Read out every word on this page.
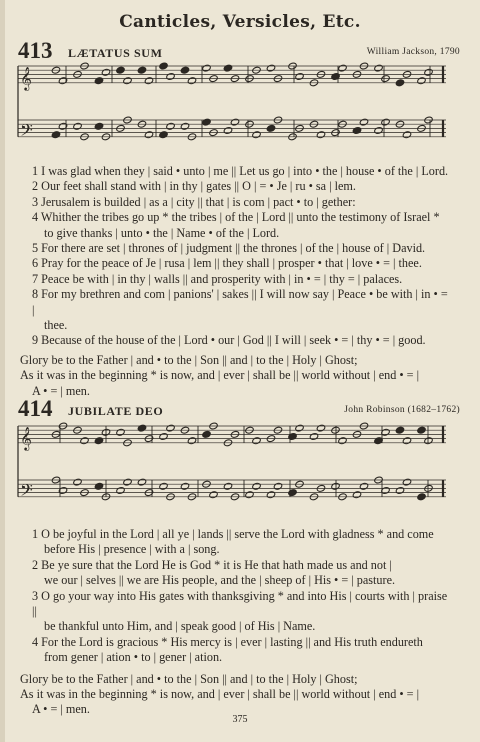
Canticles, Versicles, Etc.
413 LÆTATUS SUM	William Jackson, 1790
𝄞
𝄢
1 I was glad when they | said • unto | me || Let us go | into • the | house • of the | Lord.
2 Our feet shall stand with | in thy | gates || O | = • Je | ru • sa | lem.
3 Jerusalem is builded | as a | city || that | is com | pact • to | gether:
4 Whither the tribes go up * the tribes | of the | Lord || unto the testimony of Israel *
to give thanks | unto • the | Name • of the | Lord.
5 For there are set | thrones of | judgment || the thrones | of the | house of | David.
6 Pray for the peace of Je | rusa | lem || they shall | prosper • that | love • = | thee.
7 Peace be with | in thy | walls || and prosperity with | in • = | thy = | palaces.
8 For my brethren and com | panions' | sakes || I will now say | Peace • be with | in • = |
thee.
9 Because of the house of the | Lord • our | God || I will | seek • = | thy • = | good.
Glory be to the Father | and • to the | Son || and | to the | Holy | Ghost;
As it was in the beginning * is now, and | ever | shall be || world without | end • = |
A • = | men.
414 JUBILATE DEO	John Robinson (1682–1762)
𝄞
𝄢
1 O be joyful in the Lord | all ye | lands || serve the Lord with gladness * and come
before His | presence | with a | song.
2 Be ye sure that the Lord He is God * it is He that hath made us and not |
we our | selves || we are His people, and the | sheep of | His • = | pasture.
3 O go your way into His gates with thanksgiving * and into His | courts with | praise ||
be thankful unto Him, and | speak good | of His | Name.
4 For the Lord is gracious * His mercy is | ever | lasting || and His truth endureth
from gener | ation • to | gener | ation.
Glory be to the Father | and • to the | Son || and | to the | Holy | Ghost;
As it was in the beginning * is now, and | ever | shall be || world without | end • = |
A • = | men.
375
